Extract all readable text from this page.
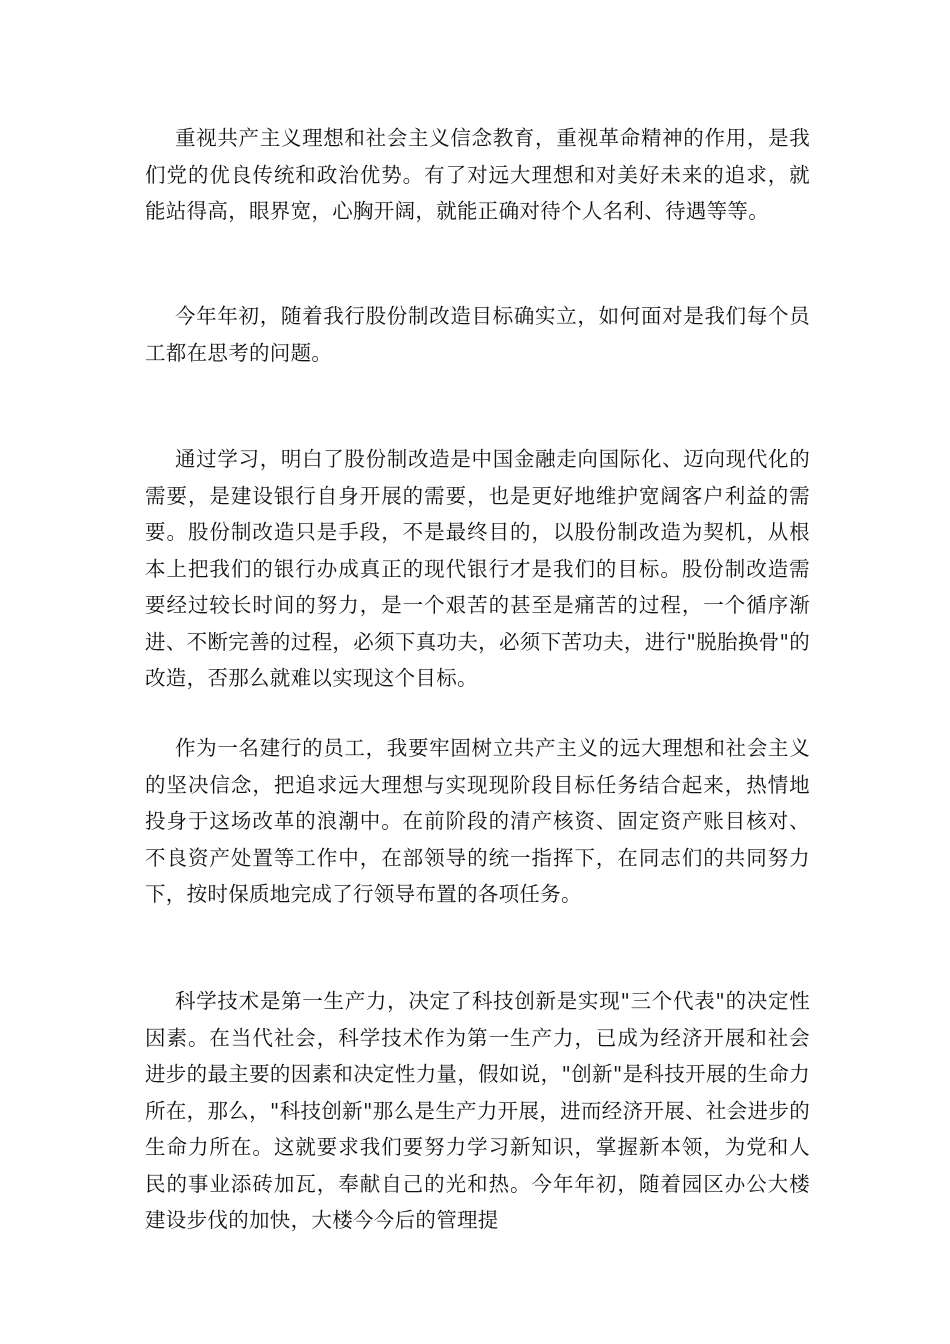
重视共产主义理想和社会主义信念教育，重视革命精神的作用，是我们党的优良传统和政治优势。有了对远大理想和对美好未来的追求，就能站得高，眼界宽，心胸开阔，就能正确对待个人名利、待遇等等。

今年年初，随着我行股份制改造目标确实立，如何面对是我们每个员工都在思考的问题。

通过学习，明白了股份制改造是中国金融走向国际化、迈向现代化的需要，是建设银行自身开展的需要，也是更好地维护宽阔客户利益的需要。股份制改造只是手段，不是最终目的，以股份制改造为契机，从根本上把我们的银行办成真正的现代银行才是我们的目标。股份制改造需要经过较长时间的努力，是一个艰苦的甚至是痛苦的过程，一个循序渐进、不断完善的过程，必须下真功夫，必须下苦功夫，进行"脱胎换骨"的改造，否那么就难以实现这个目标。

作为一名建行的员工，我要牢固树立共产主义的远大理想和社会主义的坚决信念，把追求远大理想与实现现阶段目标任务结合起来，热情地投身于这场改革的浪潮中。在前阶段的清产核资、固定资产账目核对、不良资产处置等工作中，在部领导的统一指挥下，在同志们的共同努力下，按时保质地完成了行领导布置的各项任务。

科学技术是第一生产力，决定了科技创新是实现"三个代表"的决定性因素。在当代社会，科学技术作为第一生产力，已成为经济开展和社会进步的最主要的因素和决定性力量，假如说，"创新"是科技开展的生命力所在，那么，"科技创新"那么是生产力开展，进而经济开展、社会进步的生命力所在。这就要求我们要努力学习新知识，掌握新本领，为党和人民的事业添砖加瓦，奉献自己的光和热。今年年初，随着园区办公大楼建设步伐的加快，大楼今今后的管理提
